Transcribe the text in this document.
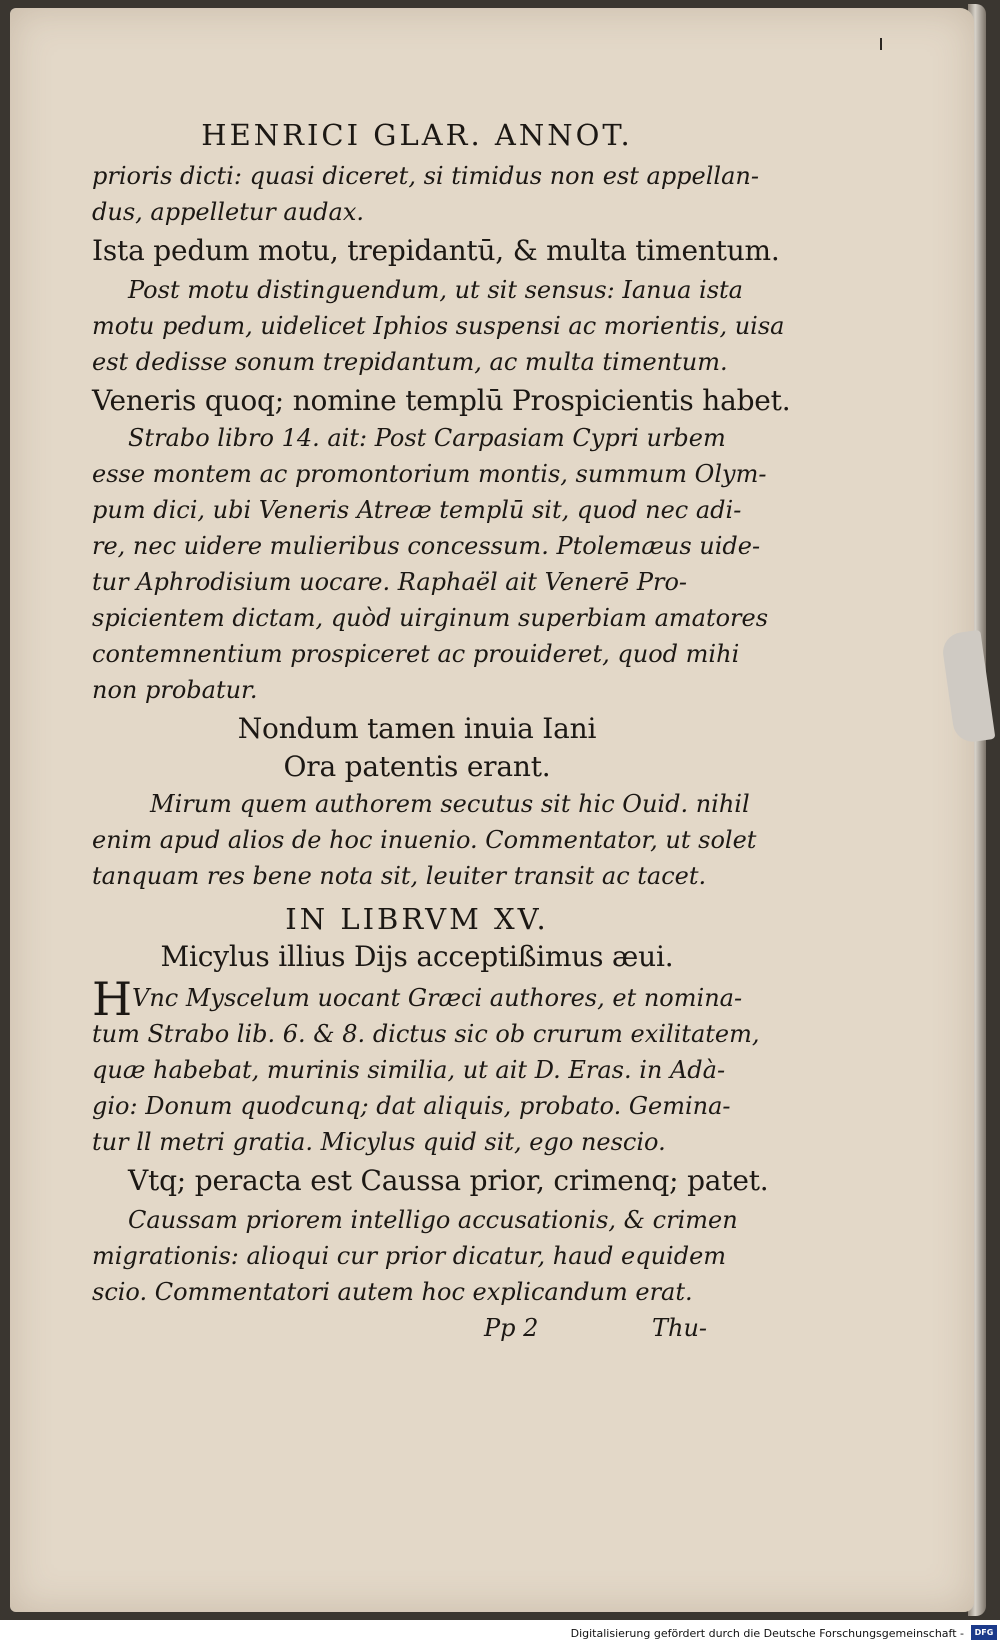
HENRICI GLAR. ANNOT.
prioris dicti: quasi diceret, si timidus non est appellan-
dus, appelletur audax.
Ista pedum motu, trepidantū, & multa timentum.
Post motu distinguendum, ut sit sensus: Ianua ista
motu pedum, uidelicet Iphios suspensi ac morientis, uisa
est dedisse sonum trepidantum, ac multa timentum.
Veneris quoq; nomine templū Prospicientis habet.
Strabo libro 14. ait: Post Carpasiam Cypri urbem
esse montem ac promontorium montis, summum Olym-
pum dici, ubi Veneris Atreæ templū sit, quod nec adi-
re, nec uidere mulieribus concessum. Ptolemæus uide-
tur Aphrodisium uocare. Raphaël ait Venerē Pro-
spicientem dictam, quòd uirginum superbiam amatores
contemnentium prospiceret ac prouideret, quod mihi
non probatur.
Nondum tamen inuia Iani
Ora patentis erant.
Mirum quem authorem secutus sit hic Ouid. nihil
enim apud alios de hoc inuenio. Commentator, ut solet
tanquam res bene nota sit, leuiter transit ac tacet.
IN LIBRVM XV.
Micylus illius Dijs acceptißimus æui.
H Vnc Myscelum uocant Græci authores, et nomina-
tum Strabo lib. 6. & 8. dictus sic ob crurum exilitatem,
quæ habebat, murinis similia, ut ait D. Eras. in Adà-
gio: Donum quodcunq; dat aliquis, probato. Gemina-
tur ll metri gratia. Micylus quid sit, ego nescio.
Vtq; peracta est Caussa prior, crimenq; patet.
Caussam priorem intelligo accusationis, & crimen
migrationis: alioqui cur prior dicatur, haud equidem
scio. Commentatori autem hoc explicandum erat.
Pp 2	Thu-
Digitalisierung gefördert durch die Deutsche Forschungsgemeinschaft -	DFG
